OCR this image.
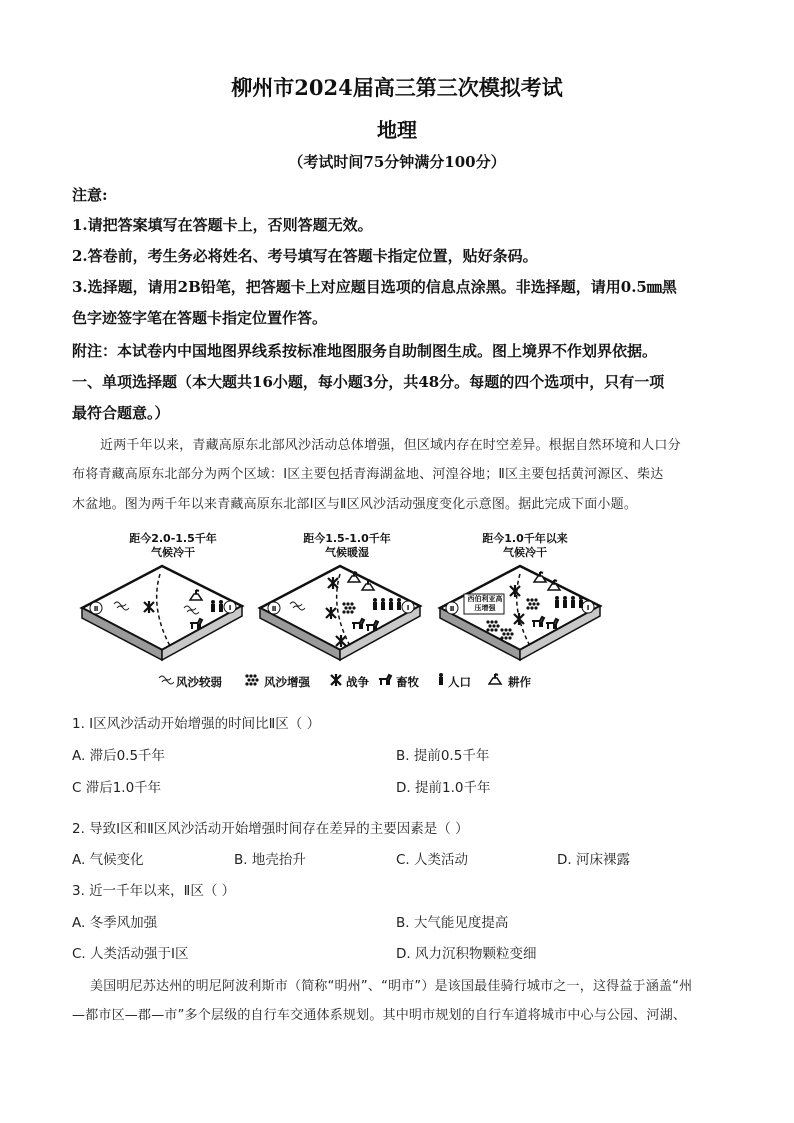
柳州市2024届高三第三次模拟考试
地理
（考试时间75分钟满分100分）
注意:
1.请把答案填写在答题卡上，否则答题无效。
2.答卷前，考生务必将姓名、考号填写在答题卡指定位置，贴好条码。
3.选择题，请用2B铅笔，把答题卡上对应题目选项的信息点涂黑。非选择题，请用0.5㎜黑
色字迹签字笔在答题卡指定位置作答。
附注：本试卷内中国地图界线系按标准地图服务自助制图生成。图上境界不作划界依据。
一、单项选择题（本大题共16小题，每小题3分，共48分。每题的四个选项中，只有一项
最符合题意。）
近两千年以来，青藏高原东北部风沙活动总体增强，但区域内存在时空差异。根据自然环境和人口分
布将青藏高原东北部分为两个区域：Ⅰ区主要包括青海湖盆地、河湟谷地；Ⅱ区主要包括黄河源区、柴达
木盆地。图为两千年以来青藏高原东北部Ⅰ区与Ⅱ区风沙活动强度变化示意图。据此完成下面小题。
距今2.0-1.5千年
气候冷干
距今1.5-1.0千年
气候暖湿
距今1.0千年以来
气候冷干
Ⅱ	Ⅰ	Ⅱ	Ⅰ	Ⅱ	Ⅰ
西伯利亚高压增强
风沙较弱	风沙增强	战争 畜牧	人口	耕作
1. Ⅰ区风沙活动开始增强的时间比Ⅱ区（ ）
A. 滞后0.5千年	B. 提前0.5千年
C 滞后1.0千年	D. 提前1.0千年
2. 导致Ⅰ区和Ⅱ区风沙活动开始增强时间存在差异的主要因素是（ ）
A. 气候变化	B. 地壳抬升	C. 人类活动	D. 河床裸露
3. 近一千年以来，Ⅱ区（ ）
A. 冬季风加强	B. 大气能见度提高
C. 人类活动强于Ⅰ区	D. 风力沉积物颗粒变细
美国明尼苏达州的明尼阿波利斯市（简称“明州”、“明市”）是该国最佳骑行城市之一，这得益于涵盖“州
—都市区—郡—市”多个层级的自行车交通体系规划。其中明市规划的自行车道将城市中心与公园、河湖、
